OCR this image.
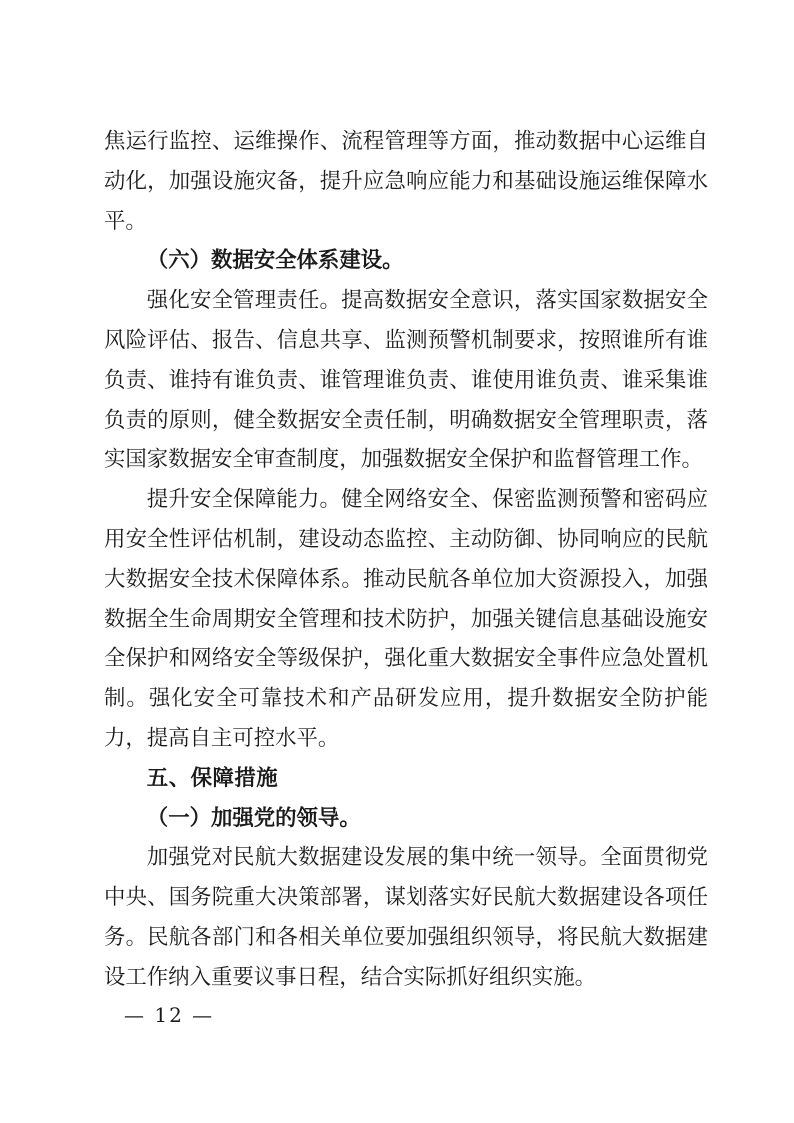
焦运行监控、运维操作、流程管理等方面，推动数据中心运维自动化，加强设施灾备，提升应急响应能力和基础设施运维保障水平。

（六）数据安全体系建设。

强化安全管理责任。提高数据安全意识，落实国家数据安全风险评估、报告、信息共享、监测预警机制要求，按照谁所有谁负责、谁持有谁负责、谁管理谁负责、谁使用谁负责、谁采集谁负责的原则，健全数据安全责任制，明确数据安全管理职责，落实国家数据安全审查制度，加强数据安全保护和监督管理工作。

提升安全保障能力。健全网络安全、保密监测预警和密码应用安全性评估机制，建设动态监控、主动防御、协同响应的民航大数据安全技术保障体系。推动民航各单位加大资源投入，加强数据全生命周期安全管理和技术防护，加强关键信息基础设施安全保护和网络安全等级保护，强化重大数据安全事件应急处置机制。强化安全可靠技术和产品研发应用，提升数据安全防护能力，提高自主可控水平。

五、保障措施

（一）加强党的领导。

加强党对民航大数据建设发展的集中统一领导。全面贯彻党中央、国务院重大决策部署，谋划落实好民航大数据建设各项任务。民航各部门和各相关单位要加强组织领导，将民航大数据建设工作纳入重要议事日程，结合实际抓好组织实施。

— 12 —
